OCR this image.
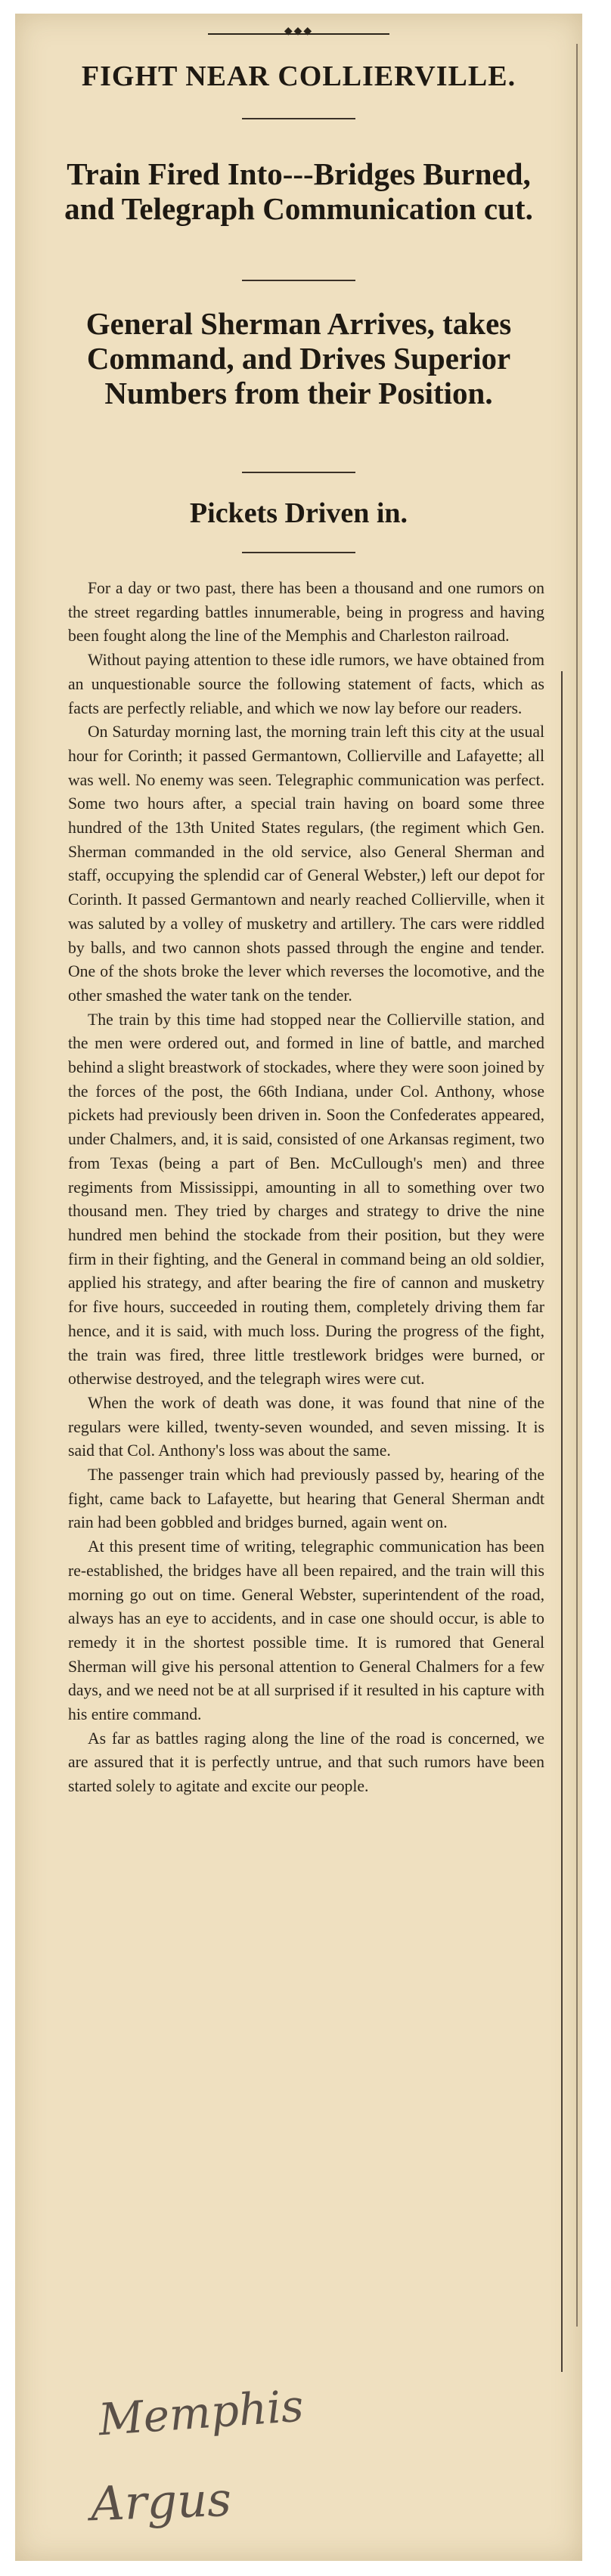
◆◆◆
FIGHT NEAR COLLIERVILLE.
Train Fired Into---Bridges Burned, and Telegraph Communication cut.
General Sherman Arrives, takes Command, and Drives Superior Numbers from their Position.
Pickets Driven in.

For a day or two past, there has been a thousand and one rumors on the street regarding battles innumerable, being in progress and having been fought along the line of the Memphis and Charleston railroad.

Without paying attention to these idle rumors, we have obtained from an unquestionable source the following statement of facts, which as facts are perfectly reliable, and which we now lay before our readers.

On Saturday morning last, the morning train left this city at the usual hour for Corinth; it passed Germantown, Collierville and Lafayette; all was well. No enemy was seen. Telegraphic communication was perfect. Some two hours after, a special train having on board some three hundred of the 13th United States regulars, (the regiment which Gen. Sherman commanded in the old service, also General Sherman and staff, occupying the splendid car of General Webster,) left our depot for Corinth. It passed Germantown and nearly reached Collierville, when it was saluted by a volley of musketry and artillery. The cars were riddled by balls, and two cannon shots passed through the engine and tender. One of the shots broke the lever which reverses the locomotive, and the other smashed the water tank on the tender.

The train by this time had stopped near the Collierville station, and the men were ordered out, and formed in line of battle, and marched behind a slight breastwork of stockades, where they were soon joined by the forces of the post, the 66th Indiana, under Col. Anthony, whose pickets had previously been driven in. Soon the Confederates appeared, under Chalmers, and, it is said, consisted of one Arkansas regiment, two from Texas (being a part of Ben. McCullough's men) and three regiments from Mississippi, amounting in all to something over two thousand men. They tried by charges and strategy to drive the nine hundred men behind the stockade from their position, but they were firm in their fighting, and the General in command being an old soldier, applied his strategy, and after bearing the fire of cannon and musketry for five hours, succeeded in routing them, completely driving them far hence, and it is said, with much loss. During the progress of the fight, the train was fired, three little trestlework bridges were burned, or otherwise destroyed, and the telegraph wires were cut.

When the work of death was done, it was found that nine of the regulars were killed, twenty-seven wounded, and seven missing. It is said that Col. Anthony's loss was about the same.

The passenger train which had previously passed by, hearing of the fight, came back to Lafayette, but hearing that General Sherman andt rain had been gobbled and bridges burned, again went on.

At this present time of writing, telegraphic communication has been re-established, the bridges have all been repaired, and the train will this morning go out on time. General Webster, superintendent of the road, always has an eye to accidents, and in case one should occur, is able to remedy it in the shortest possible time. It is rumored that General Sherman will give his personal attention to General Chalmers for a few days, and we need not be at all surprised if it resulted in his capture with his entire command.

As far as battles raging along the line of the road is concerned, we are assured that it is perfectly untrue, and that such rumors have been started solely to agitate and excite our people.

Memphis
Argus
